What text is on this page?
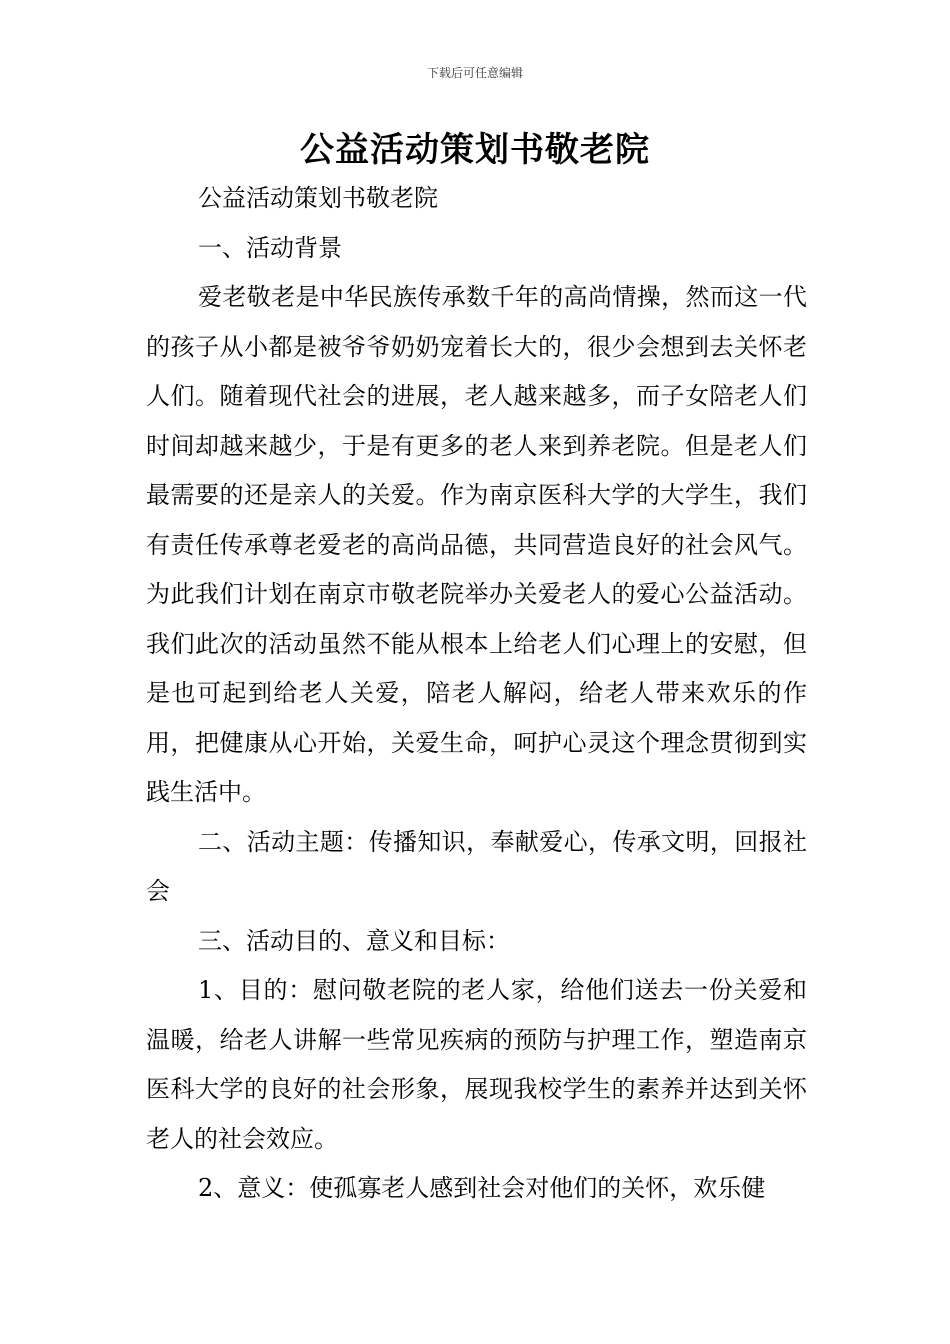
下载后可任意编辑
公益活动策划书敬老院

公益活动策划书敬老院

一、活动背景

爱老敬老是中华民族传承数千年的高尚情操，然而这一代的孩子从小都是被爷爷奶奶宠着长大的，很少会想到去关怀老人们。随着现代社会的进展，老人越来越多，而子女陪老人们时间却越来越少，于是有更多的老人来到养老院。但是老人们最需要的还是亲人的关爱。作为南京医科大学的大学生，我们有责任传承尊老爱老的高尚品德，共同营造良好的社会风气。为此我们计划在南京市敬老院举办关爱老人的爱心公益活动。我们此次的活动虽然不能从根本上给老人们心理上的安慰，但是也可起到给老人关爱，陪老人解闷，给老人带来欢乐的作用，把健康从心开始，关爱生命，呵护心灵这个理念贯彻到实践生活中。

二、活动主题：传播知识，奉献爱心，传承文明，回报社会

三、活动目的、意义和目标：

1、目的：慰问敬老院的老人家，给他们送去一份关爱和温暖，给老人讲解一些常见疾病的预防与护理工作，塑造南京医科大学的良好的社会形象，展现我校学生的素养并达到关怀老人的社会效应。

2、意义：使孤寡老人感到社会对他们的关怀，欢乐健
